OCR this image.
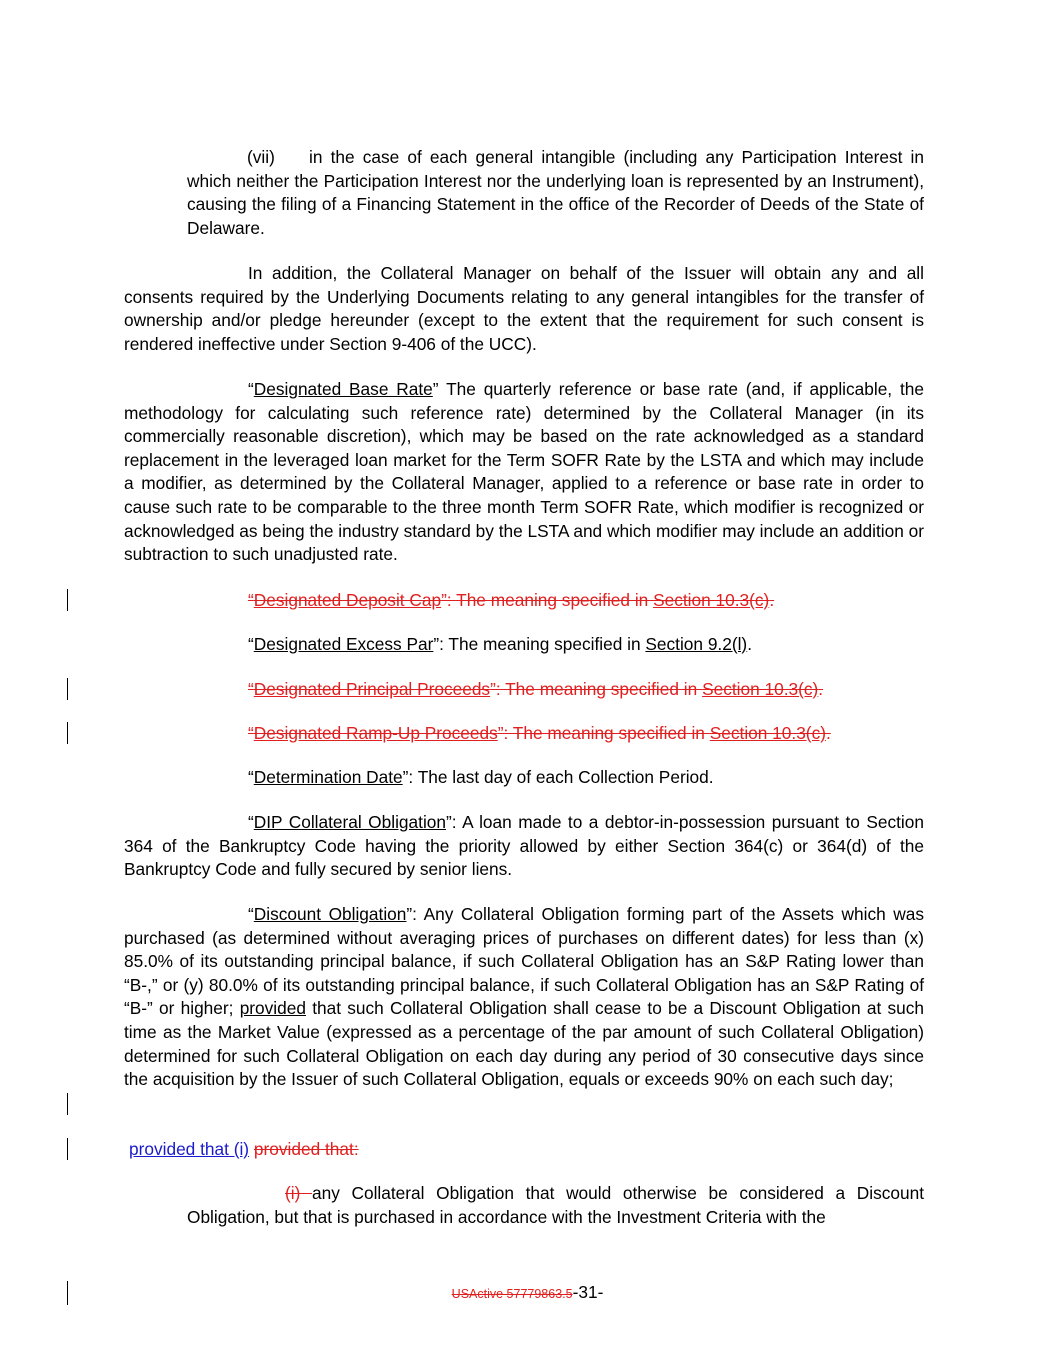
(vii) in the case of each general intangible (including any Participation Interest in which neither the Participation Interest nor the underlying loan is represented by an Instrument), causing the filing of a Financing Statement in the office of the Recorder of Deeds of the State of Delaware.

In addition, the Collateral Manager on behalf of the Issuer will obtain any and all consents required by the Underlying Documents relating to any general intangibles for the transfer of ownership and/or pledge hereunder (except to the extent that the requirement for such consent is rendered ineffective under Section 9-406 of the UCC).

“Designated Base Rate” The quarterly reference or base rate (and, if applicable, the methodology for calculating such reference rate) determined by the Collateral Manager (in its commercially reasonable discretion), which may be based on the rate acknowledged as a standard replacement in the leveraged loan market for the Term SOFR Rate by the LSTA and which may include a modifier, as determined by the Collateral Manager, applied to a reference or base rate in order to cause such rate to be comparable to the three month Term SOFR Rate, which modifier is recognized or acknowledged as being the industry standard by the LSTA and which modifier may include an addition or subtraction to such unadjusted rate.

“Designated Deposit Cap”: The meaning specified in Section 10.3(c).

“Designated Excess Par”: The meaning specified in Section 9.2(l).

“Designated Principal Proceeds”: The meaning specified in Section 10.3(c).

“Designated Ramp-Up Proceeds”: The meaning specified in Section 10.3(c).

“Determination Date”: The last day of each Collection Period.

“DIP Collateral Obligation”: A loan made to a debtor-in-possession pursuant to Section 364 of the Bankruptcy Code having the priority allowed by either Section 364(c) or 364(d) of the Bankruptcy Code and fully secured by senior liens.

“Discount Obligation”: Any Collateral Obligation forming part of the Assets which was purchased (as determined without averaging prices of purchases on different dates) for less than (x) 85.0% of its outstanding principal balance, if such Collateral Obligation has an S&P Rating lower than “B-,” or (y) 80.0% of its outstanding principal balance, if such Collateral Obligation has an S&P Rating of “B-” or higher; provided that such Collateral Obligation shall cease to be a Discount Obligation at such time as the Market Value (expressed as a percentage of the par amount of such Collateral Obligation) determined for such Collateral Obligation on each day during any period of 30 consecutive days since the acquisition by the Issuer of such Collateral Obligation, equals or exceeds 90% on each such day;

provided that (i) provided that:

(i) any Collateral Obligation that would otherwise be considered a Discount Obligation, but that is purchased in accordance with the Investment Criteria with the

USActive 57779863.5-31-
